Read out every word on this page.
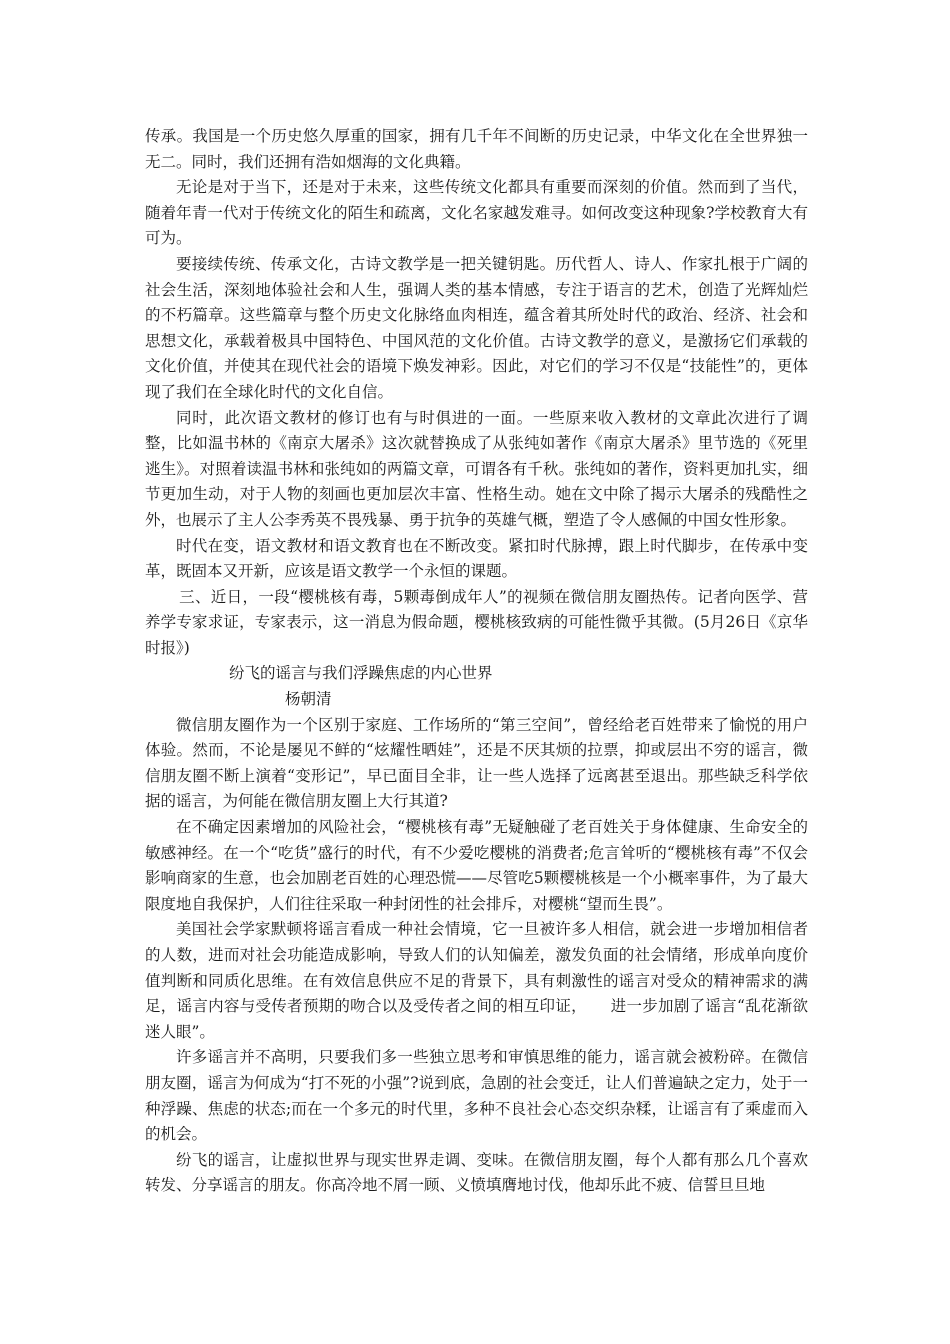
传承。我国是一个历史悠久厚重的国家，拥有几千年不间断的历史记录，中华文化在全世界独一无二。同时，我们还拥有浩如烟海的文化典籍。

无论是对于当下，还是对于未来，这些传统文化都具有重要而深刻的价值。然而到了当代，随着年青一代对于传统文化的陌生和疏离，文化名家越发难寻。如何改变这种现象?学校教育大有可为。

要接续传统、传承文化，古诗文教学是一把关键钥匙。历代哲人、诗人、作家扎根于广阔的社会生活，深刻地体验社会和人生，强调人类的基本情感，专注于语言的艺术，创造了光辉灿烂的不朽篇章。这些篇章与整个历史文化脉络血肉相连，蕴含着其所处时代的政治、经济、社会和思想文化，承载着极具中国特色、中国风范的文化价值。古诗文教学的意义，是激扬它们承载的文化价值，并使其在现代社会的语境下焕发神彩。因此，对它们的学习不仅是“技能性”的，更体现了我们在全球化时代的文化自信。

同时，此次语文教材的修订也有与时俱进的一面。一些原来收入教材的文章此次进行了调整，比如温书林的《南京大屠杀》这次就替换成了从张纯如著作《南京大屠杀》里节选的《死里逃生》。对照着读温书林和张纯如的两篇文章，可谓各有千秋。张纯如的著作，资料更加扎实，细节更加生动，对于人物的刻画也更加层次丰富、性格生动。她在文中除了揭示大屠杀的残酷性之外，也展示了主人公李秀英不畏残暴、勇于抗争的英雄气概，塑造了令人感佩的中国女性形象。

时代在变，语文教材和语文教育也在不断改变。紧扣时代脉搏，跟上时代脚步，在传承中变革，既固本又开新，应该是语文教学一个永恒的课题。

三、近日，一段“樱桃核有毒，5颗毒倒成年人”的视频在微信朋友圈热传。记者向医学、营养学专家求证，专家表示，这一消息为假命题，樱桃核致病的可能性微乎其微。(5月26日《京华时报》)

纷飞的谣言与我们浮躁焦虑的内心世界

杨朝清

微信朋友圈作为一个区别于家庭、工作场所的“第三空间”，曾经给老百姓带来了愉悦的用户体验。然而，不论是屡见不鲜的“炫耀性晒娃”，还是不厌其烦的拉票，抑或层出不穷的谣言，微信朋友圈不断上演着“变形记”，早已面目全非，让一些人选择了远离甚至退出。那些缺乏科学依据的谣言，为何能在微信朋友圈上大行其道?

在不确定因素增加的风险社会，“樱桃核有毒”无疑触碰了老百姓关于身体健康、生命安全的敏感神经。在一个“吃货”盛行的时代，有不少爱吃樱桃的消费者;危言耸听的“樱桃核有毒”不仅会影响商家的生意，也会加剧老百姓的心理恐慌——尽管吃5颗樱桃核是一个小概率事件，为了最大限度地自我保护，人们往往采取一种封闭性的社会排斥，对樱桃“望而生畏”。

美国社会学家默顿将谣言看成一种社会情境，它一旦被许多人相信，就会进一步增加相信者的人数，进而对社会功能造成影响，导致人们的认知偏差，激发负面的社会情绪，形成单向度价值判断和同质化思维。在有效信息供应不足的背景下，具有刺激性的谣言对受众的精神需求的满足，谣言内容与受传者预期的吻合以及受传者之间的相互印证，　　进一步加剧了谣言“乱花渐欲迷人眼”。

许多谣言并不高明，只要我们多一些独立思考和审慎思维的能力，谣言就会被粉碎。在微信朋友圈，谣言为何成为“打不死的小强”?说到底，急剧的社会变迁，让人们普遍缺之定力，处于一种浮躁、焦虑的状态;而在一个多元的时代里，多种不良社会心态交织杂糅，让谣言有了乘虚而入的机会。

纷飞的谣言，让虚拟世界与现实世界走调、变味。在微信朋友圈，每个人都有那么几个喜欢转发、分享谣言的朋友。你高冷地不屑一顾、义愤填膺地讨伐，他却乐此不疲、信誓旦旦地
